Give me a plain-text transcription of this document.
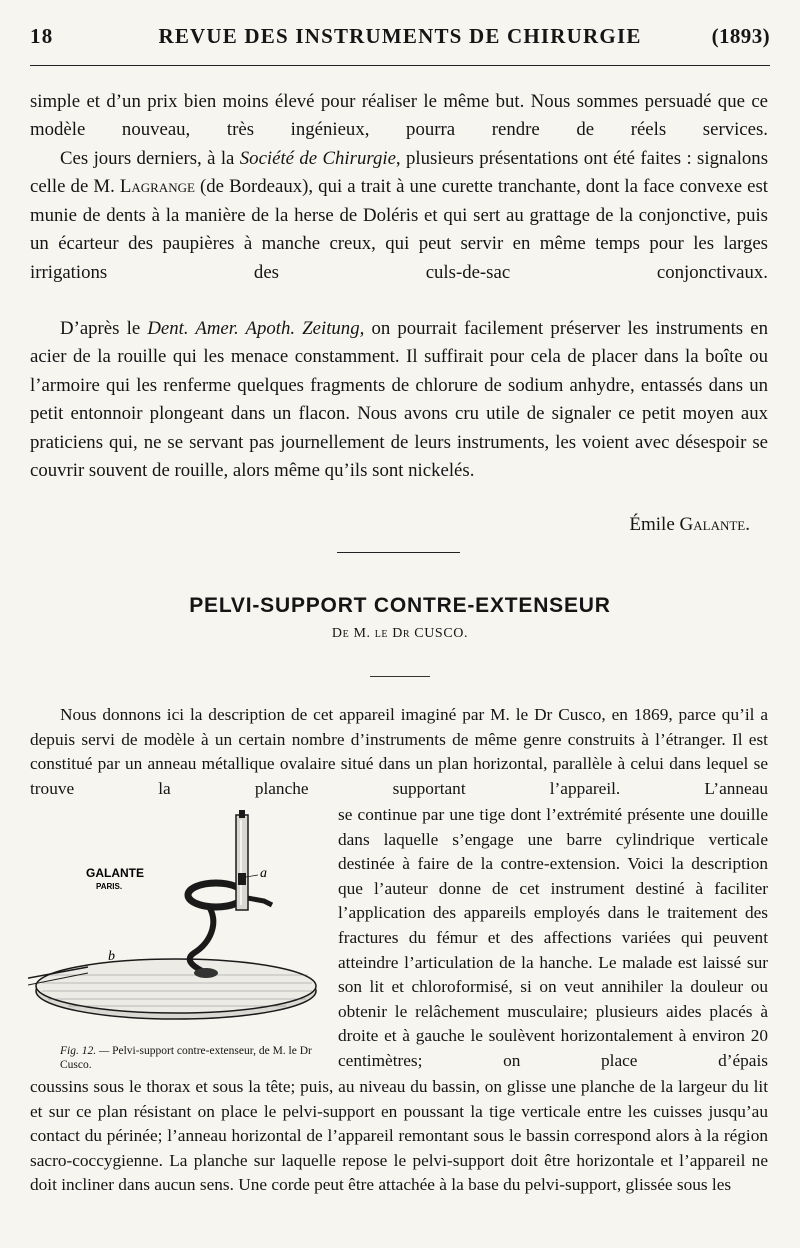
18	REVUE DES INSTRUMENTS DE CHIRURGIE	(1893)
simple et d’un prix bien moins élevé pour réaliser le même but. Nous sommes persuadé que ce modèle nouveau, très ingénieux, pourra rendre de réels services.
Ces jours derniers, à la Société de Chirurgie, plusieurs présentations ont été faites : signalons celle de M. Lagrange (de Bordeaux), qui a trait à une curette tranchante, dont la face convexe est munie de dents à la manière de la herse de Doléris et qui sert au grattage de la conjonctive, puis un écarteur des paupières à manche creux, qui peut servir en même temps pour les larges irrigations des culs-de-sac conjonctivaux.
D’après le Dent. Amer. Apoth. Zeitung, on pourrait facilement préserver les instruments en acier de la rouille qui les menace constamment. Il suffirait pour cela de placer dans la boîte ou l’armoire qui les renferme quelques fragments de chlorure de sodium anhydre, entassés dans un petit entonnoir plongeant dans un flacon. Nous avons cru utile de signaler ce petit moyen aux praticiens qui, ne se servant pas journellement de leurs instruments, les voient avec désespoir se couvrir souvent de rouille, alors même qu’ils sont nickelés.
Émile Galante.
PELVI-SUPPORT CONTRE-EXTENSEUR
De M. le Dr CUSCO.
Nous donnons ici la description de cet appareil imaginé par M. le Dr Cusco, en 1869, parce qu’il a depuis servi de modèle à un certain nombre d’instruments de même genre construits à l’étranger. Il est constitué par un anneau métallique ovalaire situé dans un plan horizontal, parallèle à celui dans lequel se trouve la planche supportant l’appareil. L’anneau
se continue par une tige dont l’extrémité présente une douille dans laquelle s’engage une barre cylindrique verticale destinée à faire de la contre-extension. Voici la description que l’auteur donne de cet instrument destiné à faciliter l’application des appareils employés dans le traitement des fractures du fémur et des affections variées qui peuvent atteindre l’articulation de la hanche. Le malade est laissé sur son lit et chloroformisé, si on veut annihiler la douleur ou obtenir le relâchement musculaire; plusieurs aides placés à droite et à gauche le soulèvent horizontalement à environ 20 centimètres; on place d’épais
coussins sous le thorax et sous la tête; puis, au niveau du bassin, on glisse une planche de la largeur du lit et sur ce plan résistant on place le pelvi-support en poussant la tige verticale entre les cuisses jusqu’au contact du périnée; l’anneau horizontal de l’appareil remontant sous le bassin correspond alors à la région sacro-coccygienne. La planche sur laquelle repose le pelvi-support doit être horizontale et l’appareil ne doit incliner dans aucun sens. Une corde peut être attachée à la base du pelvi-support, glissée sous les
GALANTE
PARIS.
b
a
Fig. 12. — Pelvi-support contre-extenseur, de M. le Dr Cusco.
